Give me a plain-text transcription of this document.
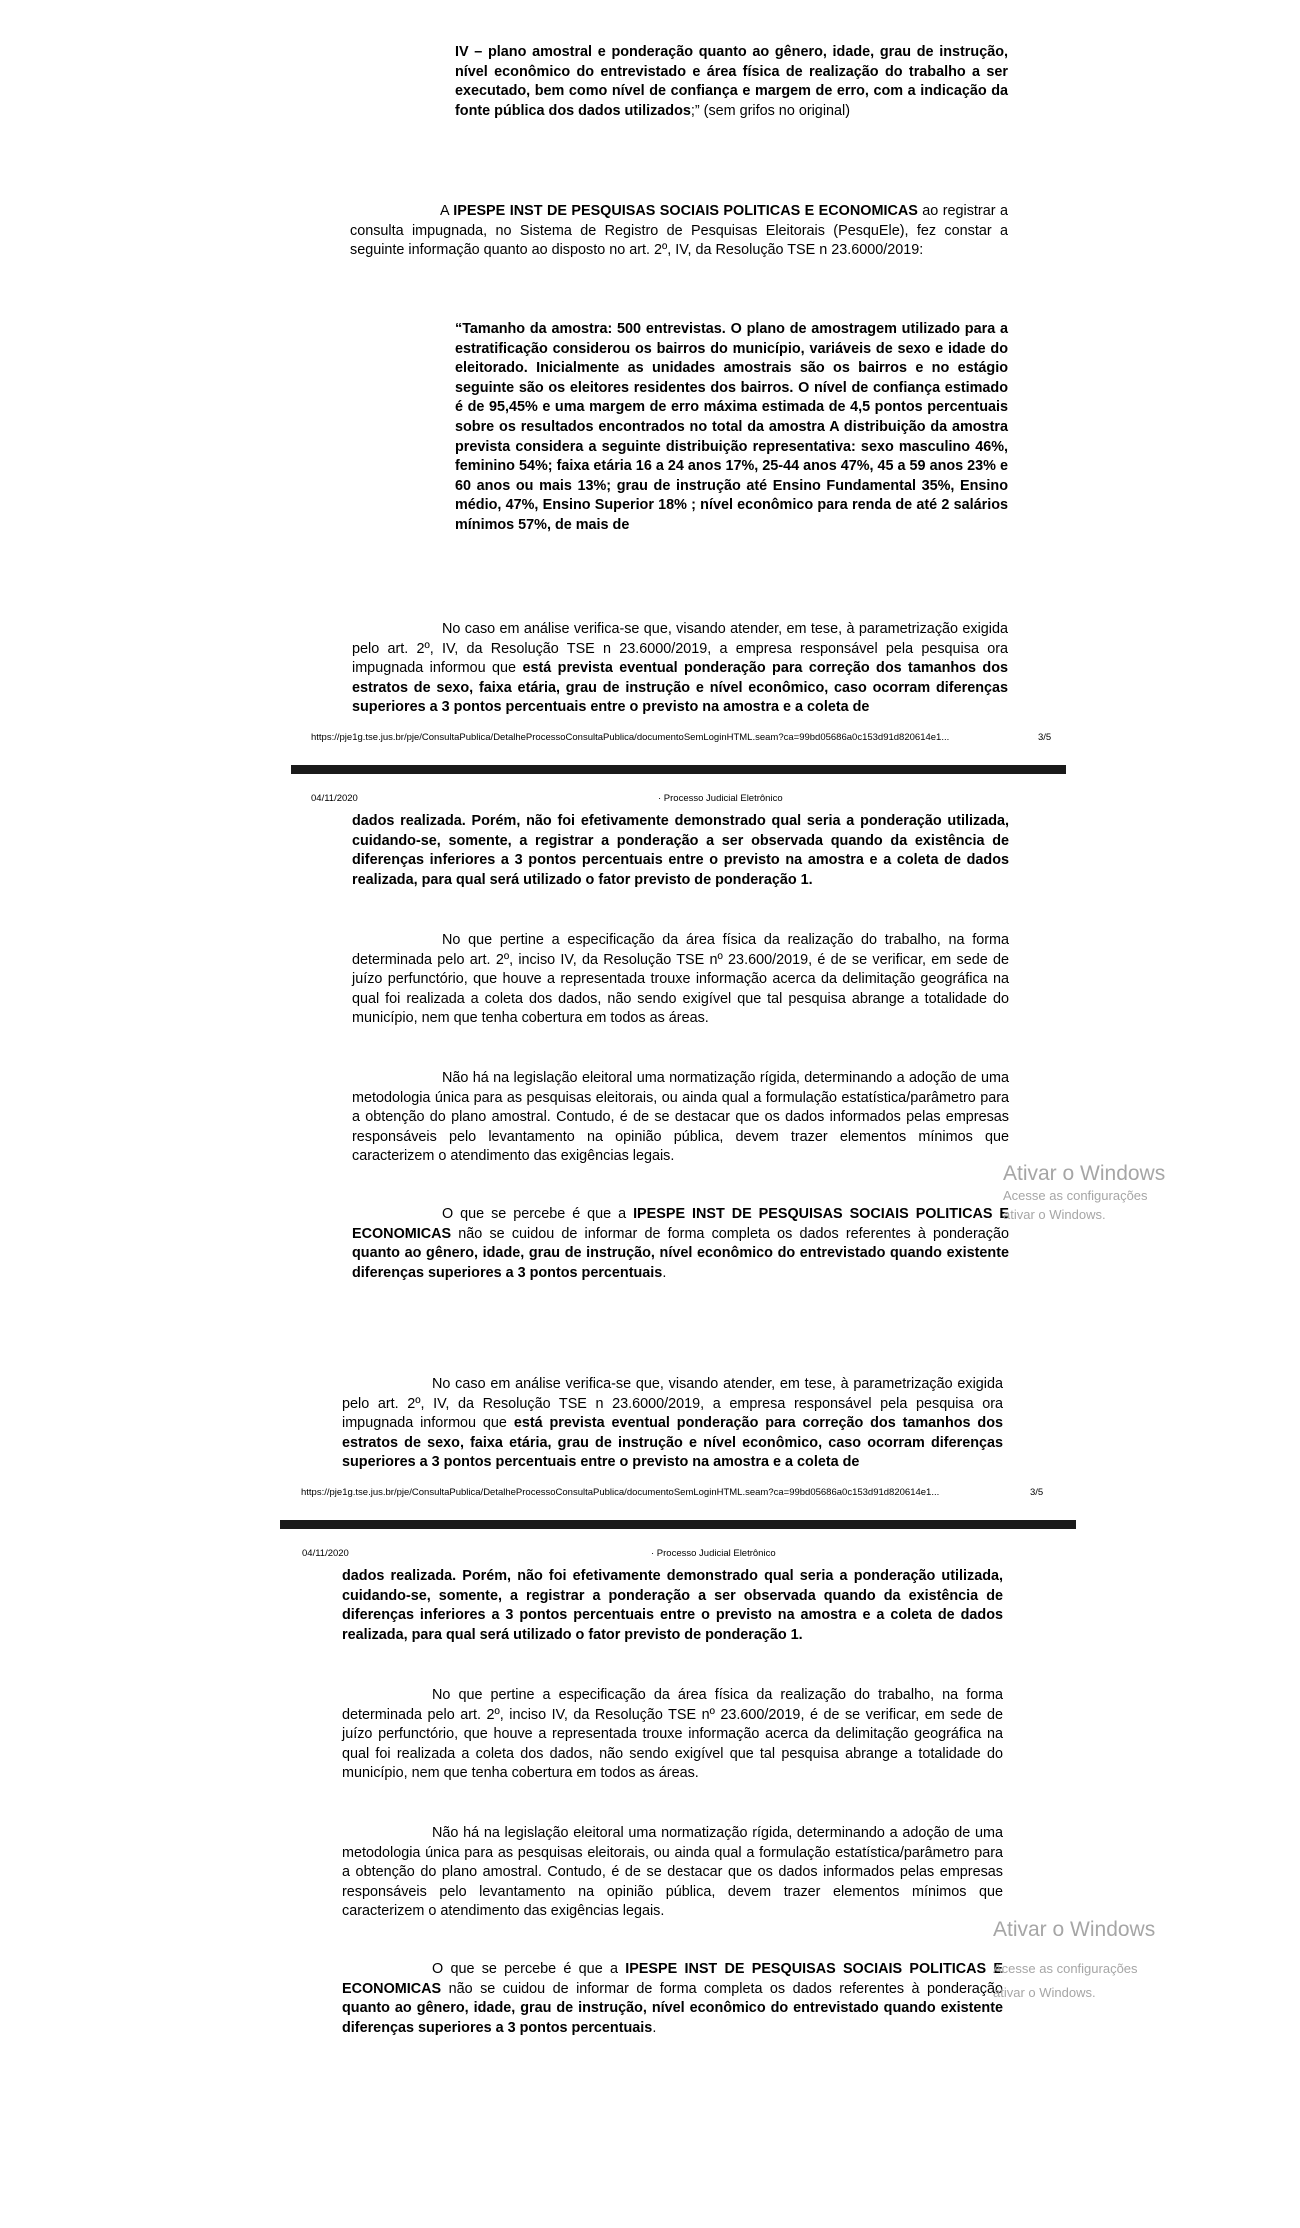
IV – plano amostral e ponderação quanto ao gênero, idade, grau de instrução, nível econômico do entrevistado e área física de realização do trabalho a ser executado, bem como nível de confiança e margem de erro, com a indicação da fonte pública dos dados utilizados;” (sem grifos no original)

A IPESPE INST DE PESQUISAS SOCIAIS POLITICAS E ECONOMICAS ao registrar a consulta impugnada, no Sistema de Registro de Pesquisas Eleitorais (PesquEle), fez constar a seguinte informação quanto ao disposto no art. 2º, IV, da Resolução TSE n 23.6000/2019:

“Tamanho da amostra: 500 entrevistas. O plano de amostragem utilizado para a estratificação considerou os bairros do município, variáveis de sexo e idade do eleitorado. Inicialmente as unidades amostrais são os bairros e no estágio seguinte são os eleitores residentes dos bairros. O nível de confiança estimado é de 95,45% e uma margem de erro máxima estimada de 4,5 pontos percentuais sobre os resultados encontrados no total da amostra A distribuição da amostra prevista considera a seguinte distribuição representativa: sexo masculino 46%, feminino 54%; faixa etária 16 a 24 anos 17%, 25-44 anos 47%, 45 a 59 anos 23% e 60 anos ou mais 13%; grau de instrução até Ensino Fundamental 35%, Ensino médio, 47%, Ensino Superior 18% ; nível econômico para renda de até 2 salários mínimos 57%, de mais de

No caso em análise verifica-se que, visando atender, em tese, à parametrização exigida pelo art. 2º, IV, da Resolução TSE n 23.6000/2019, a empresa responsável pela pesquisa ora impugnada informou que está prevista eventual ponderação para correção dos tamanhos dos estratos de sexo, faixa etária, grau de instrução e nível econômico, caso ocorram diferenças superiores a 3 pontos percentuais entre o previsto na amostra e a coleta de

https://pje1g.tse.jus.br/pje/ConsultaPublica/DetalheProcessoConsultaPublica/documentoSemLoginHTML.seam?ca=99bd05686a0c153d91d820614e1...	3/5
04/11/2020	· Processo Judicial Eletrônico

dados realizada. Porém, não foi efetivamente demonstrado qual seria a ponderação utilizada, cuidando-se, somente, a registrar a ponderação a ser observada quando da existência de diferenças inferiores a 3 pontos percentuais entre o previsto na amostra e a coleta de dados realizada, para qual será utilizado o fator previsto de ponderação 1.

No que pertine a especificação da área física da realização do trabalho, na forma determinada pelo art. 2º, inciso IV, da Resolução TSE nº 23.600/2019, é de se verificar, em sede de juízo perfunctório, que houve a representada trouxe informação acerca da delimitação geográfica na qual foi realizada a coleta dos dados, não sendo exigível que tal pesquisa abrange a totalidade do município, nem que tenha cobertura em todos as áreas.

Não há na legislação eleitoral uma normatização rígida, determinando a adoção de uma metodologia única para as pesquisas eleitorais, ou ainda qual a formulação estatística/parâmetro para a obtenção do plano amostral. Contudo, é de se destacar que os dados informados pelas empresas responsáveis pelo levantamento na opinião pública, devem trazer elementos mínimos que caracterizem o atendimento das exigências legais.

O que se percebe é que a IPESPE INST DE PESQUISAS SOCIAIS POLITICAS E ECONOMICAS não se cuidou de informar de forma completa os dados referentes à ponderação quanto ao gênero, idade, grau de instrução, nível econômico do entrevistado quando existente diferenças superiores a 3 pontos percentuais.

Ativar o Windows
Acesse as configurações
ativar o Windows.

No caso em análise verifica-se que, visando atender, em tese, à parametrização exigida pelo art. 2º, IV, da Resolução TSE n 23.6000/2019, a empresa responsável pela pesquisa ora impugnada informou que está prevista eventual ponderação para correção dos tamanhos dos estratos de sexo, faixa etária, grau de instrução e nível econômico, caso ocorram diferenças superiores a 3 pontos percentuais entre o previsto na amostra e a coleta de

https://pje1g.tse.jus.br/pje/ConsultaPublica/DetalheProcessoConsultaPublica/documentoSemLoginHTML.seam?ca=99bd05686a0c153d91d820614e1...	3/5
04/11/2020	· Processo Judicial Eletrônico

dados realizada. Porém, não foi efetivamente demonstrado qual seria a ponderação utilizada, cuidando-se, somente, a registrar a ponderação a ser observada quando da existência de diferenças inferiores a 3 pontos percentuais entre o previsto na amostra e a coleta de dados realizada, para qual será utilizado o fator previsto de ponderação 1.

No que pertine a especificação da área física da realização do trabalho, na forma determinada pelo art. 2º, inciso IV, da Resolução TSE nº 23.600/2019, é de se verificar, em sede de juízo perfunctório, que houve a representada trouxe informação acerca da delimitação geográfica na qual foi realizada a coleta dos dados, não sendo exigível que tal pesquisa abrange a totalidade do município, nem que tenha cobertura em todos as áreas.

Não há na legislação eleitoral uma normatização rígida, determinando a adoção de uma metodologia única para as pesquisas eleitorais, ou ainda qual a formulação estatística/parâmetro para a obtenção do plano amostral. Contudo, é de se destacar que os dados informados pelas empresas responsáveis pelo levantamento na opinião pública, devem trazer elementos mínimos que caracterizem o atendimento das exigências legais.

O que se percebe é que a IPESPE INST DE PESQUISAS SOCIAIS POLITICAS E ECONOMICAS não se cuidou de informar de forma completa os dados referentes à ponderação quanto ao gênero, idade, grau de instrução, nível econômico do entrevistado quando existente diferenças superiores a 3 pontos percentuais.

Ativar o Windows
Acesse as configurações
ativar o Windows.
